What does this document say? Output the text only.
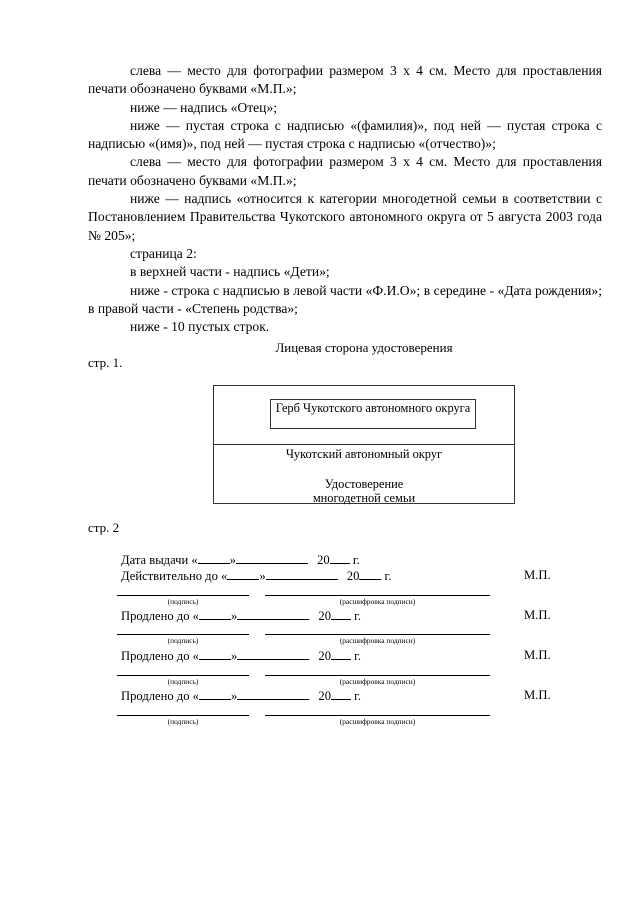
слева — место для фотографии размером 3 х 4 см. Место для проставления печати обозначено буквами «М.П.»;

ниже — надпись «Отец»;

ниже — пустая строка с надписью «(фамилия)», под ней — пустая строка с надписью «(имя)», под ней — пустая строка с надписью «(отчество)»;

слева — место для фотографии размером 3 х 4 см. Место для проставления печати обозначено буквами «М.П.»;

ниже — надпись «относится к категории многодетной семьи в соответствии с Постановлением Правительства Чукотского автономного округа от 5 августа 2003 года № 205»;

страница 2:

в верхней части - надпись «Дети»;

ниже - строка с надписью в левой части «Ф.И.О»; в середине - «Дата рождения»; в правой части - «Степень родства»;

ниже - 10 пустых строк.

Лицевая сторона удостоверения
стр. 1.
Герб Чукотского автономного округа
Чукотский автономный округ
Удостоверение
многодетной семьи
стр. 2
Дата выдачи «	»	20 г.
Действительно до «	»	20 г.	М.П.
(подпись)	(расшифровка подписи)
Продлено до «	»	20 г.	М.П.
(подпись)	(расшифровка подписи)
Продлено до «	»	20 г.	М.П.
(подпись)	(расшифровка подписи)
Продлено до «	»	20 г.	М.П.
(подпись)	(расшифровка подписи)
